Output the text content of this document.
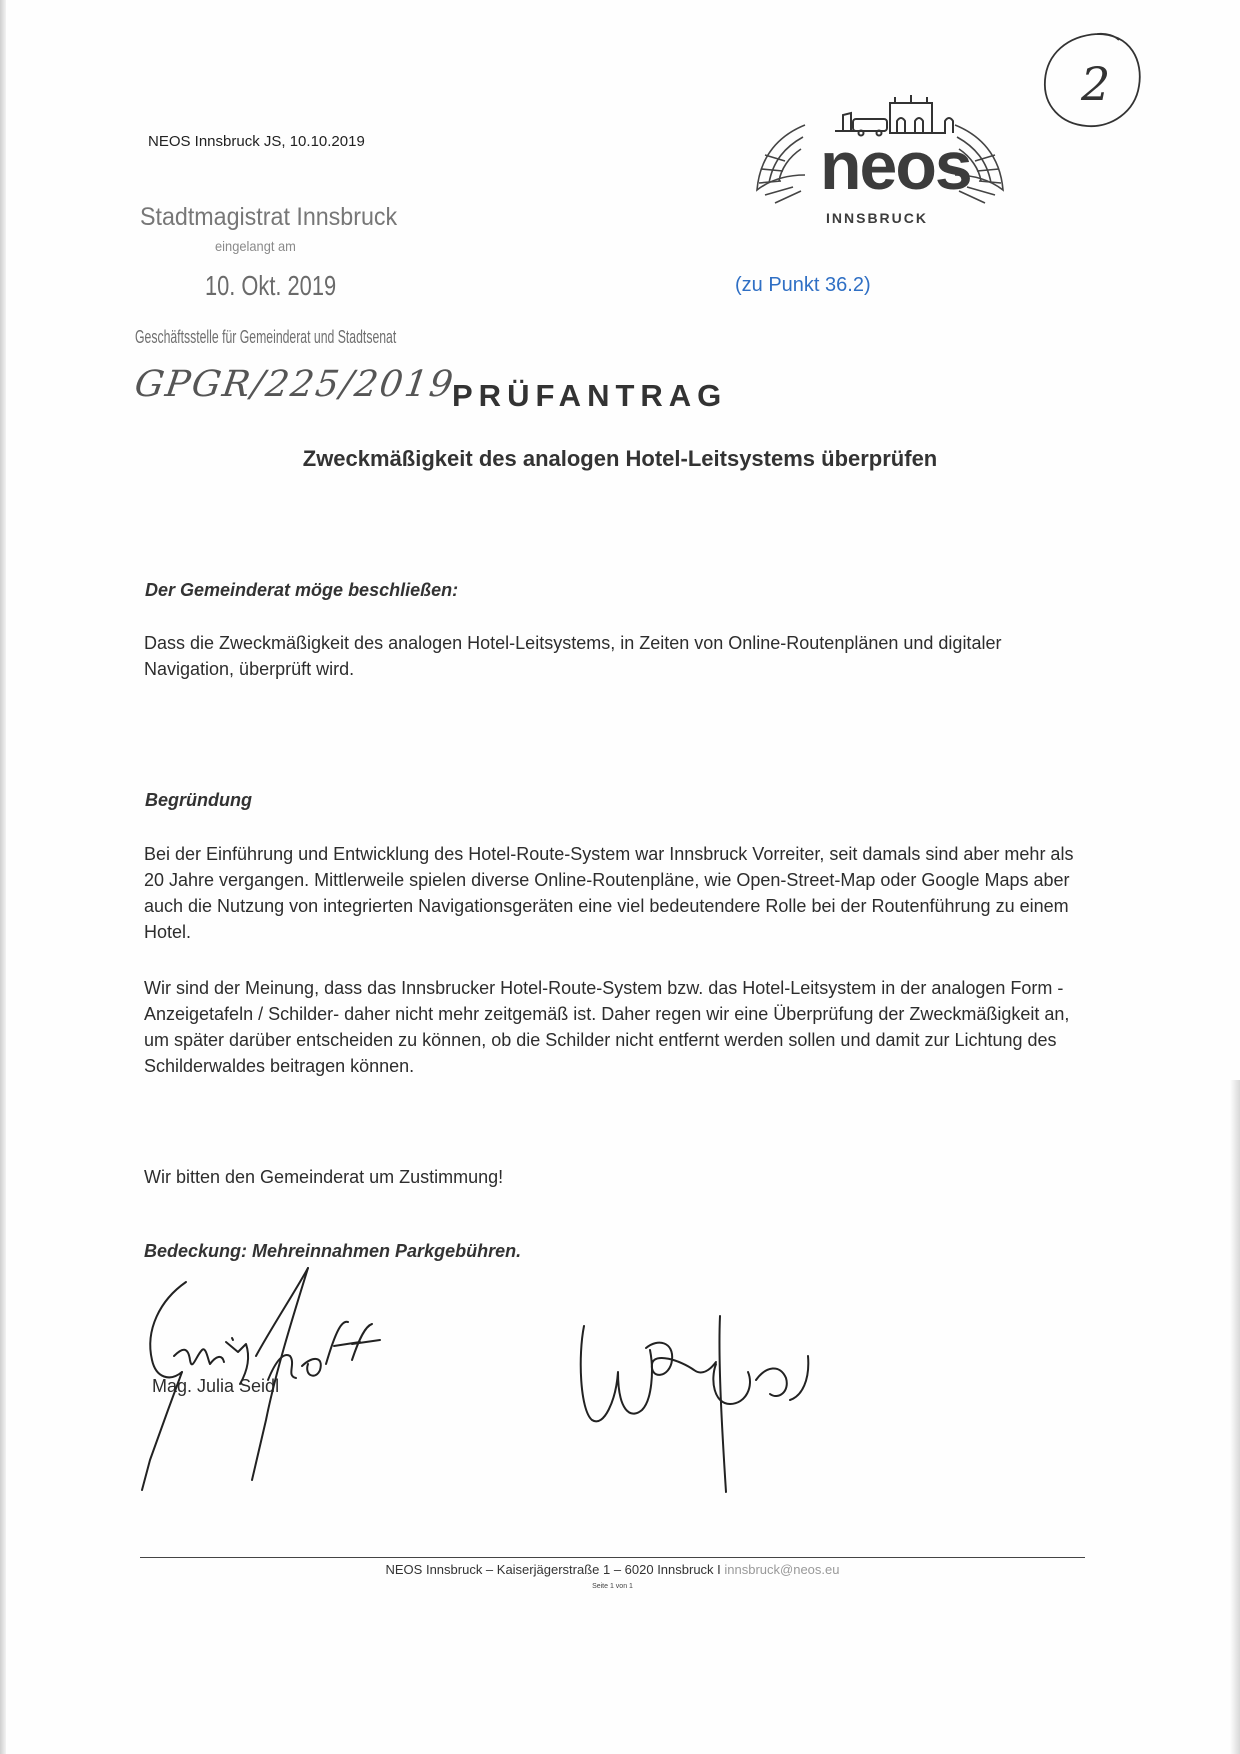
NEOS Innsbruck JS, 10.10.2019
Stadtmagistrat Innsbruck
eingelangt am
10. Okt. 2019
Geschäftsstelle für Gemeinderat und Stadtsenat
GPGR/225/2019
neos
INNSBRUCK
2
(zu Punkt 36.2)
PRÜFANTRAG
Zweckmäßigkeit des analogen Hotel-Leitsystems überprüfen
Der Gemeinderat möge beschließen:
Dass die Zweckmäßigkeit des analogen Hotel-Leitsystems, in Zeiten von Online-Routenplänen und digitaler Navigation, überprüft wird.
Begründung
Bei der Einführung und Entwicklung des Hotel-Route-System war Innsbruck Vorreiter, seit damals sind aber mehr als 20 Jahre vergangen. Mittlerweile spielen diverse Online-Routenpläne, wie Open-Street-Map oder Google Maps aber auch die Nutzung von integrierten Navigationsgeräten eine viel bedeutendere Rolle bei der Routenführung zu einem Hotel.
Wir sind der Meinung, dass das Innsbrucker Hotel-Route-System bzw. das Hotel-Leitsystem in der analogen Form - Anzeigetafeln / Schilder- daher nicht mehr zeitgemäß ist. Daher regen wir eine Überprüfung der Zweckmäßigkeit an, um später darüber entscheiden zu können, ob die Schilder nicht entfernt werden sollen und damit zur Lichtung des Schilderwaldes beitragen können.
Wir bitten den Gemeinderat um Zustimmung!
Bedeckung: Mehreinnahmen Parkgebühren.
Mag. Julia Seidl
NEOS Innsbruck – Kaiserjägerstraße 1 – 6020 Innsbruck I innsbruck@neos.eu
Seite 1 von 1
